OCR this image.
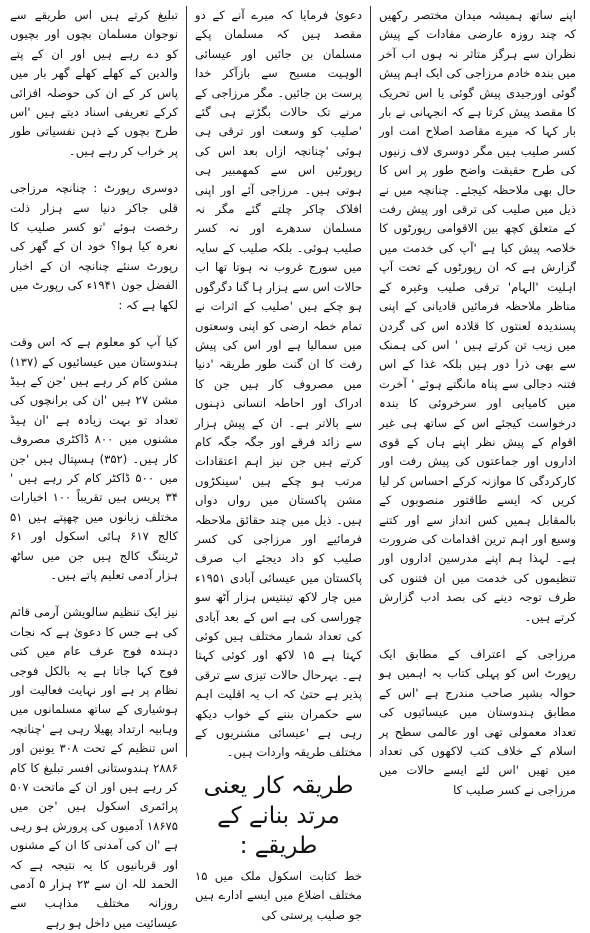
اپنے ساتھ ہمیشہ میدان مختصر رکھیں کہ چند روزہ عارضی مفادات کے پیش نظران سے ہرگز متاثر نہ ہوں اب آخر میں بندہ خادم مرزاجی کی ایک اہم پیش گوئی اورجیدی پیش گوئی یا اس تحریک کا مقصد پیش کرتا ہے کہ انجہانی نے بار بار کہا کہ میرے مقاصد اصلاح امت اور کسر صلیب ہیں مگر دوسری لاف زنیوں کی طرح حقیقت واضح طور پر اس کا حال بھی ملاحظہ کیجئے۔ چنانچہ میں نے ذیل میں صلیب کی ترقی اور پیش رفت کے متعلق کچھ بین الاقوامی رپورٹوں کا خلاصہ پیش کیا ہے 'آپ کی خدمت میں گزارش ہے کہ ان رپورٹوں کے تحت آپ اہلیت 'الہام' ترقی صلیب وغیرہ کے مناظر ملاحظہ فرمائیں قادیانی کے اپنی پسندیدہ لعنتوں کا قلادہ اس کی گردن میں زیب تن کرتے ہیں ' اس کی ہمنک سے بھی ذرا دور ہیں بلکہ غذا کے اس فتنہ دجالی سے پناہ مانگتے ہوئے ' آخرت میں کامیابی اور سرخروئی کا بندہ درخواست کیجئے اس کے ساتھ ہی غیر اقوام کے پیش نظر اپنے ہاں کے قوی اداروں اور جماعتوں کی پیش رفت اور کارکردگی کا موازنہ کرکے احساس کر لیا کریں کہ ایسے طاقتور منصوبوں کے بالمقابل ہمیں کس انداز سے اور کتنے وسیع اور اہم ترین اقدامات کی ضرورت ہے۔ لہذا ہم اپنے مدرسین اداروں اور تنظیموں کی خدمت میں ان فتنوں کی طرف توجہ دینے کی بصد ادب گزارش کرتے ہیں۔

مرزاجی کے اعتراف کے مطابق ایک رپورٹ اس کو پہلی کتاب بہ اہمیں ہو حوالہ بشپر صاحب مندرج ہے 'اس کے مطابق ہندوستان میں عیسائیوں کی تعداد معمولی تھی اور عالمی سطح پر اسلام کے خلاف کتب لاکھوں کی تعداد میں تھیں 'اس لئے ایسے حالات میں مرزاجی نے کسر صلیب کا

دعویٰ فرمایا کہ میرے آنے کے دو مقصد ہیں کہ مسلمان پکے مسلمان بن جائیں اور عیسائی الوہیت مسیح سے بازآکر خدا پرست بن جائیں۔ مگر مرزاجی کے مرنے تک حالات بگڑتے ہی گئے 'صلیب کو وسعت اور ترقی ہی ہوئی 'چنانچہ ازاں بعد اس کی رپورٹیں اس سے کمھمبیر ہی ہوتی ہیں۔ مرزاجی آئے اور اپنی افلاک چاکر چلتے گئے مگر نہ مسلمان سدھرے اور نہ کسر صلیب ہوئی۔ بلکہ صلیب کے سایہ میں سورج غروب نہ ہوتا تھا اب حالات اس سے ہزار ہا گنا دگرگوں ہو چکے ہیں 'صلیب کے اثرات نے تمام خطہ ارضی کو اپنی وسعتوں میں سمالیا ہے اور اس کی پیش رفت کا ان گنت طور طریقہ 'دنیا میں مصروف کار ہیں جن کا ادراک اور احاطہ انسانی ذہنوں سے بالاتر ہے۔ ان کے پیش ہزار سے زائد فرقے اور جگہ جگہ کام کرتے ہیں جن نیز اہم اعتقادات مرتب ہو چکے ہیں 'سینکڑوں مشن پاکستان میں رواں دواں ہیں۔ ذیل میں چند حقائق ملاحظہ فرمائیے اور مرزاجی کی کسر صلیب کو داد دیجئے اب صرف پاکستان میں عیسائی آبادی ۱۹۵۱ء میں چار لاکھ تینتیس ہزار آٹھ سو چوراسی کی ہے اس کے بعد آبادی کی تعداد شمار مختلف ہیں کوئی کہتا ہے ۱۵ لاکھ اور کوئی کہتا ہے۔ بہرحال حالات تیزی سے ترقی پذیر ہے حتیٰ کہ اب یہ اقلیت اہم سے حکمران بننے کے خواب دیکھ رہی ہے 'عیسائی مشنریوں کے مختلف طریقہ واردات ہیں۔

طریقہ کار یعنی مرتد بنانے کے طریقے :

خط کتابت اسکول ملک میں ۱۵ مختلف اضلاع میں ایسے ادارے ہیں جو صلیب پرستی کی

تبلیغ کرتے ہیں اس طریقے سے نوجوان مسلمان بچوں اور بچیوں کو دے رہے ہیں اور ان کے پتے والدین کے کھلے کھلے گھر بار میں پاس کر کے ان کی حوصلہ افزائی کرکے تعریفی اسناد دیتے ہیں 'اس طرح بچوں کے ذہن نفسیاتی طور پر خراب کر رہے ہیں۔

دوسری رپورٹ : چنانچہ مرزاجی قلی جاکر دنیا سے ہزار ذلت رخصت ہوئے 'تو کسر صلیب کا نعرہ کیا ہوا؟ خود ان کے گھر کی رپورٹ سنئے چنانچہ ان کے اخبار الفضل جون ۱۹۴۱ء کی رپورٹ میں لکھا ہے کہ :

کیا آپ کو معلوم ہے کہ اس وقت ہندوستان میں عیسائیوں کے (۱۳۷) مشن کام کر رہے ہیں 'جن کے ہیڈ مشن ۲۷ ہیں 'ان کی برانچوں کی تعداد تو بہت زیادہ ہے 'ان ہیڈ مشنوں میں ۸۰۰ ڈاکٹری مصروف کار ہیں۔ (۳۵۲) ہسپتال ہیں 'جن میں ۵۰۰ ڈاکٹر کام کر رہے ہیں ' ۳۴ پریس ہیں تقریباً ۱۰۰ اخبارات مختلف زبانوں میں چھپتے ہیں ۵۱ کالج ۶۱۷ ہائی اسکول اور ۶۱ ٹریننگ کالج ہیں جن میں ساٹھ ہزار آدمی تعلیم پاتے ہیں۔

نیز ایک تنظیم سالویشن آرمی قائم کی ہے جس کا دعویٰ ہے کہ نجات دہندہ فوج عرف عام میں کتی فوج کہا جاتا ہے یہ بالکل فوجی نظام پر ہے اور نہایت فعالیت اور ہوشیاری کے ساتھ مسلمانوں میں وہابیہ ارتداد پھیلا رہی ہے 'چنانچہ اس تنظیم کے تحت ۳۰۸ یونین اور ۲۸۸۶ ہندوستانی افسر تبلیغ کا کام کر رہے ہیں اور ان کے ماتحت ۵۰۷ پرائمری اسکول ہیں 'جن میں ۱۸۶۷۵ آدمیوں کی پرورش ہو رہی ہے 'ان کی آمدنی کا ان کے مشنوں اور قربانیوں کا یہ نتیجہ ہے کہ الحمد للہ ان سے ۲۳ ہزار ۵ آدمی روزانہ مختلف مذاہب سے عیسائیت میں داخل ہو رہے
